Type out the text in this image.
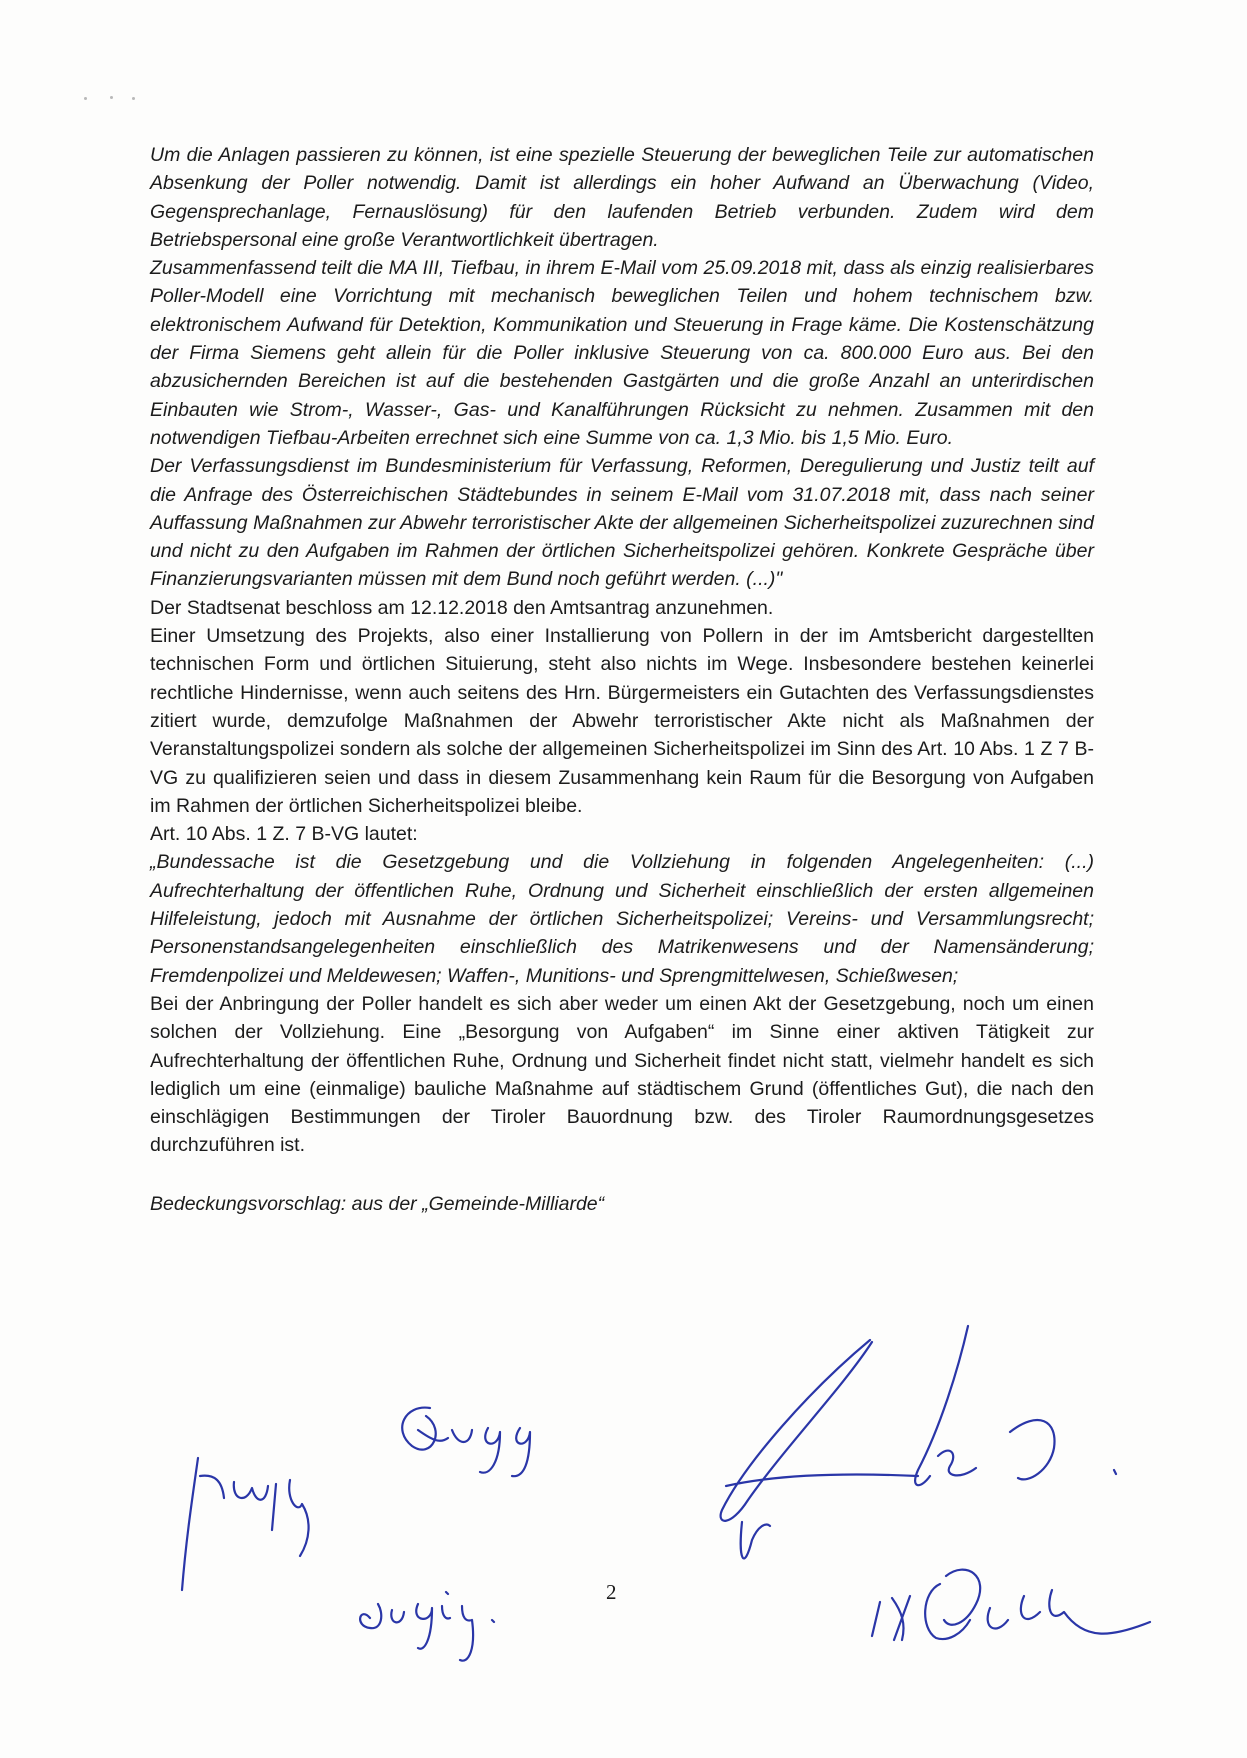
Um die Anlagen passieren zu können, ist eine spezielle Steuerung der beweglichen Teile zur automatischen Absenkung der Poller notwendig. Damit ist allerdings ein hoher Aufwand an Überwachung (Video, Gegensprechanlage, Fernauslösung) für den laufenden Betrieb verbunden. Zudem wird dem Betriebspersonal eine große Verantwortlichkeit übertragen.

Zusammenfassend teilt die MA III, Tiefbau, in ihrem E-Mail vom 25.09.2018 mit, dass als einzig realisierbares Poller-Modell eine Vorrichtung mit mechanisch beweglichen Teilen und hohem technischem bzw. elektronischem Aufwand für Detektion, Kommunikation und Steuerung in Frage käme. Die Kostenschätzung der Firma Siemens geht allein für die Poller inklusive Steuerung von ca. 800.000 Euro aus. Bei den abzusichernden Bereichen ist auf die bestehenden Gastgärten und die große Anzahl an unterirdischen Einbauten wie Strom-, Wasser-, Gas- und Kanalführungen Rücksicht zu nehmen. Zusammen mit den notwendigen Tiefbau-Arbeiten errechnet sich eine Summe von ca. 1,3 Mio. bis 1,5 Mio. Euro.

Der Verfassungsdienst im Bundesministerium für Verfassung, Reformen, Deregulierung und Justiz teilt auf die Anfrage des Österreichischen Städtebundes in seinem E-Mail vom 31.07.2018 mit, dass nach seiner Auffassung Maßnahmen zur Abwehr terroristischer Akte der allgemeinen Sicherheitspolizei zuzurechnen sind und nicht zu den Aufgaben im Rahmen der örtlichen Sicherheitspolizei gehören. Konkrete Gespräche über Finanzierungsvarianten müssen mit dem Bund noch geführt werden. (...)"

Der Stadtsenat beschloss am 12.12.2018 den Amtsantrag anzunehmen.

Einer Umsetzung des Projekts, also einer Installierung von Pollern in der im Amtsbericht dargestellten technischen Form und örtlichen Situierung, steht also nichts im Wege. Insbesondere bestehen keinerlei rechtliche Hindernisse, wenn auch seitens des Hrn. Bürgermeisters ein Gutachten des Verfassungsdienstes zitiert wurde, demzufolge Maßnahmen der Abwehr terroristischer Akte nicht als Maßnahmen der Veranstaltungspolizei sondern als solche der allgemeinen Sicherheitspolizei im Sinn des Art. 10 Abs. 1 Z 7 B-VG zu qualifizieren seien und dass in diesem Zusammenhang kein Raum für die Besorgung von Aufgaben im Rahmen der örtlichen Sicherheitspolizei bleibe.

Art. 10 Abs. 1 Z. 7 B-VG lautet:

„Bundessache ist die Gesetzgebung und die Vollziehung in folgenden Angelegenheiten: (...) Aufrechterhaltung der öffentlichen Ruhe, Ordnung und Sicherheit einschließlich der ersten allgemeinen Hilfeleistung, jedoch mit Ausnahme der örtlichen Sicherheitspolizei; Vereins- und Versammlungsrecht; Personenstandsangelegenheiten einschließlich des Matrikenwesens und der Namensänderung; Fremdenpolizei und Meldewesen; Waffen-, Munitions- und Sprengmittelwesen, Schießwesen;

Bei der Anbringung der Poller handelt es sich aber weder um einen Akt der Gesetzgebung, noch um einen solchen der Vollziehung. Eine „Besorgung von Aufgaben“ im Sinne einer aktiven Tätigkeit zur Aufrechterhaltung der öffentlichen Ruhe, Ordnung und Sicherheit findet nicht statt, vielmehr handelt es sich lediglich um eine (einmalige) bauliche Maßnahme auf städtischem Grund (öffentliches Gut), die nach den einschlägigen Bestimmungen der Tiroler Bauordnung bzw. des Tiroler Raumordnungsgesetzes durchzuführen ist.

Bedeckungsvorschlag: aus der „Gemeinde-Milliarde“

2
